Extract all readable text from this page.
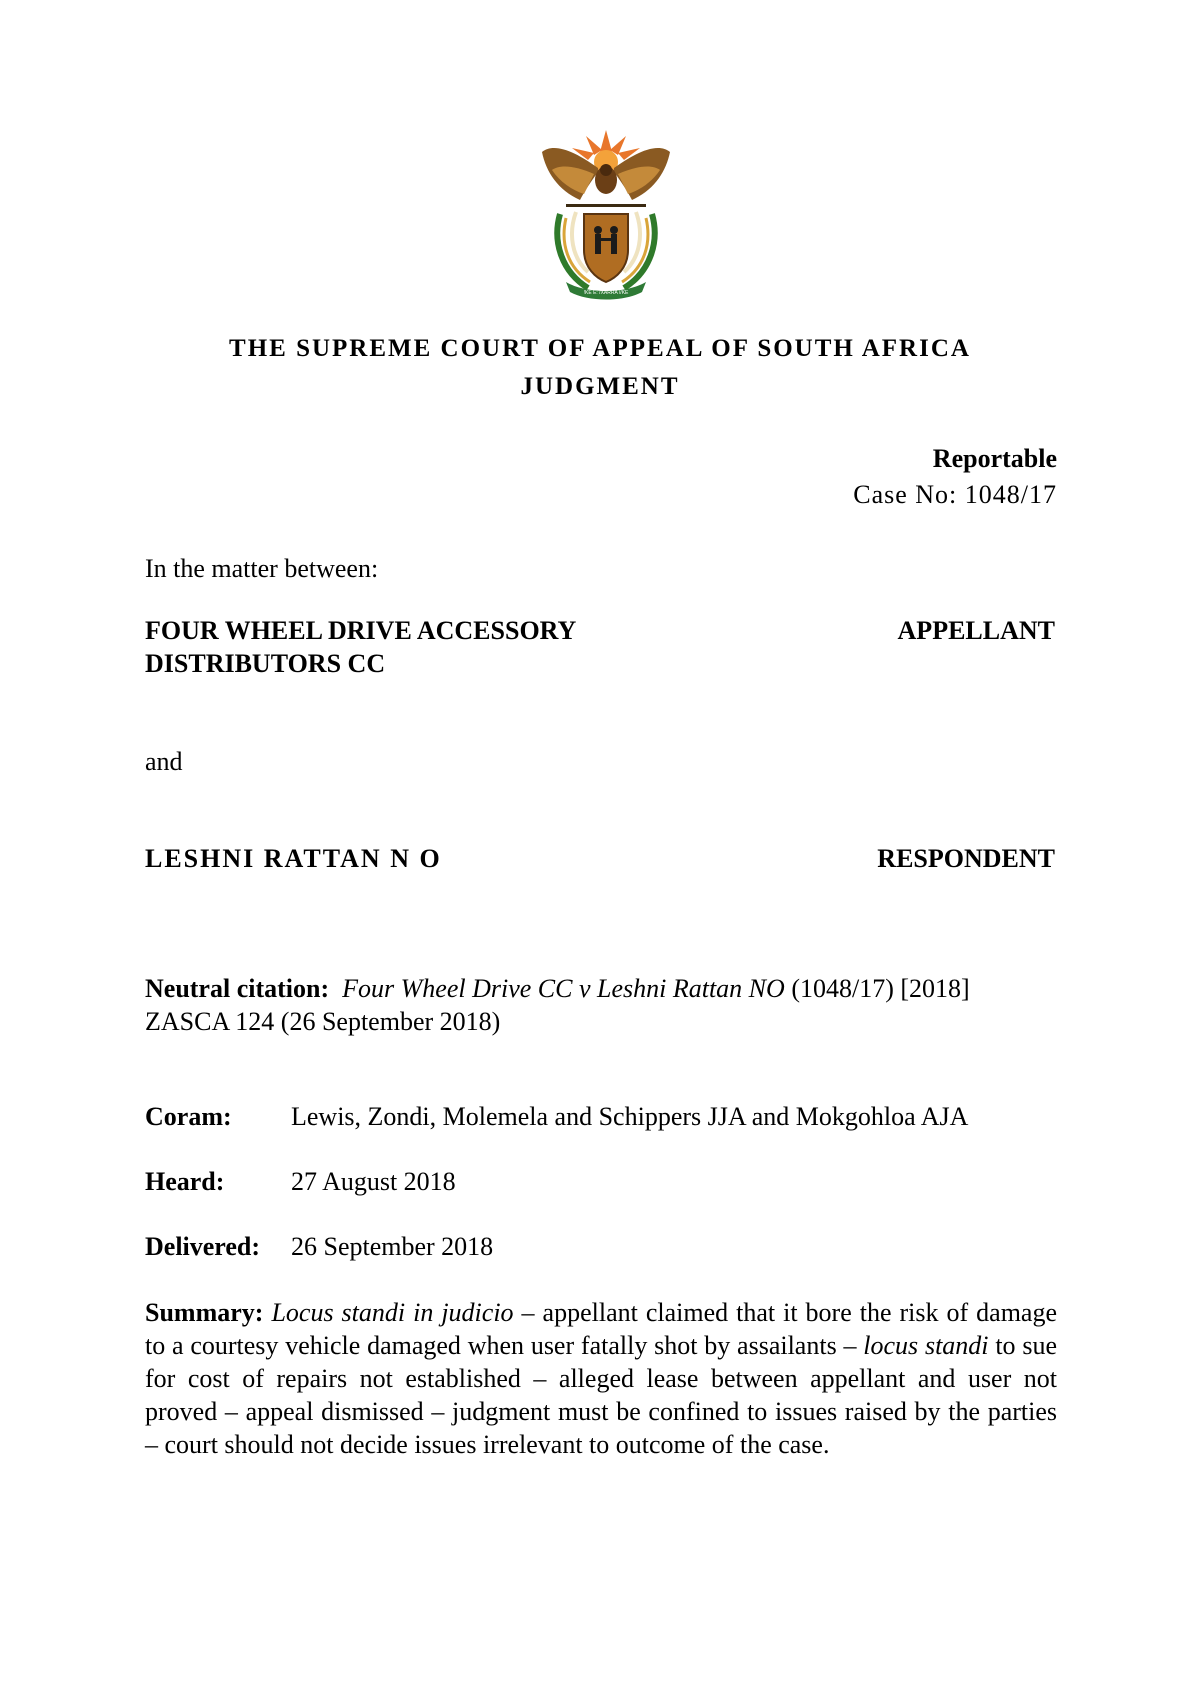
!KE E: /XARRA //KE
THE SUPREME COURT OF APPEAL OF SOUTH AFRICA
JUDGMENT
Reportable
Case No: 1048/17
In the matter between:
FOUR WHEEL DRIVE ACCESSORY
DISTRIBUTORS CC
APPELLANT
and
LESHNI RATTAN N O	RESPONDENT

Neutral citation: Four Wheel Drive CC v Leshni Rattan NO (1048/17) [2018]

ZASCA 124 (26 September 2018)

Coram:	Lewis, Zondi, Molemela and Schippers JJA and Mokgohloa AJA
Heard:	27 August 2018
Delivered:	26 September 2018

Summary: Locus standi in judicio – appellant claimed that it bore the risk of damage to a courtesy vehicle damaged when user fatally shot by assailants – locus standi to sue for cost of repairs not established – alleged lease between appellant and user not proved – appeal dismissed – judgment must be confined to issues raised by the parties – court should not decide issues irrelevant to outcome of the case.
